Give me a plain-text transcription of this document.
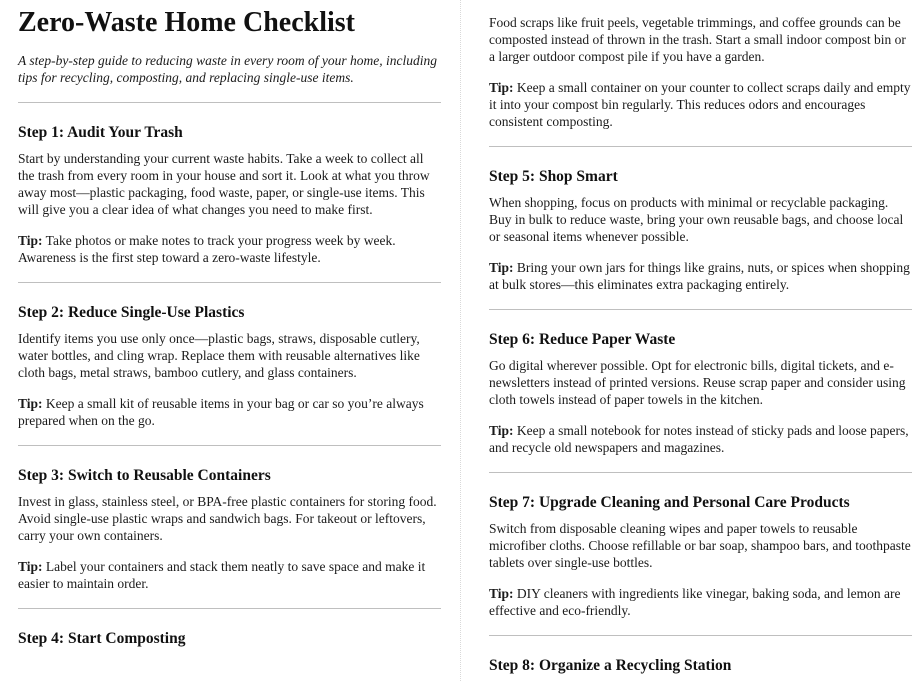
Zero-Waste Home Checklist

A step-by-step guide to reducing waste in every room of your home, including tips for recycling, composting, and replacing single-use items.

Step 1: Audit Your Trash

Start by understanding your current waste habits. Take a week to collect all the trash from every room in your house and sort it. Look at what you throw away most—plastic packaging, food waste, paper, or single-use items. This will give you a clear idea of what changes you need to make first.

Tip: Take photos or make notes to track your progress week by week. Awareness is the first step toward a zero-waste lifestyle.

Step 2: Reduce Single-Use Plastics

Identify items you use only once—plastic bags, straws, disposable cutlery, water bottles, and cling wrap. Replace them with reusable alternatives like cloth bags, metal straws, bamboo cutlery, and glass containers.

Tip: Keep a small kit of reusable items in your bag or car so you’re always prepared when on the go.

Step 3: Switch to Reusable Containers

Invest in glass, stainless steel, or BPA-free plastic containers for storing food. Avoid single-use plastic wraps and sandwich bags. For takeout or leftovers, carry your own containers.

Tip: Label your containers and stack them neatly to save space and make it easier to maintain order.

Step 4: Start Composting

Food scraps like fruit peels, vegetable trimmings, and coffee grounds can be composted instead of thrown in the trash. Start a small indoor compost bin or a larger outdoor compost pile if you have a garden.

Tip: Keep a small container on your counter to collect scraps daily and empty it into your compost bin regularly. This reduces odors and encourages consistent composting.

Step 5: Shop Smart

When shopping, focus on products with minimal or recyclable packaging. Buy in bulk to reduce waste, bring your own reusable bags, and choose local or seasonal items whenever possible.

Tip: Bring your own jars for things like grains, nuts, or spices when shopping at bulk stores—this eliminates extra packaging entirely.

Step 6: Reduce Paper Waste

Go digital wherever possible. Opt for electronic bills, digital tickets, and e-newsletters instead of printed versions. Reuse scrap paper and consider using cloth towels instead of paper towels in the kitchen.

Tip: Keep a small notebook for notes instead of sticky pads and loose papers, and recycle old newspapers and magazines.

Step 7: Upgrade Cleaning and Personal Care Products

Switch from disposable cleaning wipes and paper towels to reusable microfiber cloths. Choose refillable or bar soap, shampoo bars, and toothpaste tablets over single-use bottles.

Tip: DIY cleaners with ingredients like vinegar, baking soda, and lemon are effective and eco-friendly.

Step 8: Organize a Recycling Station
